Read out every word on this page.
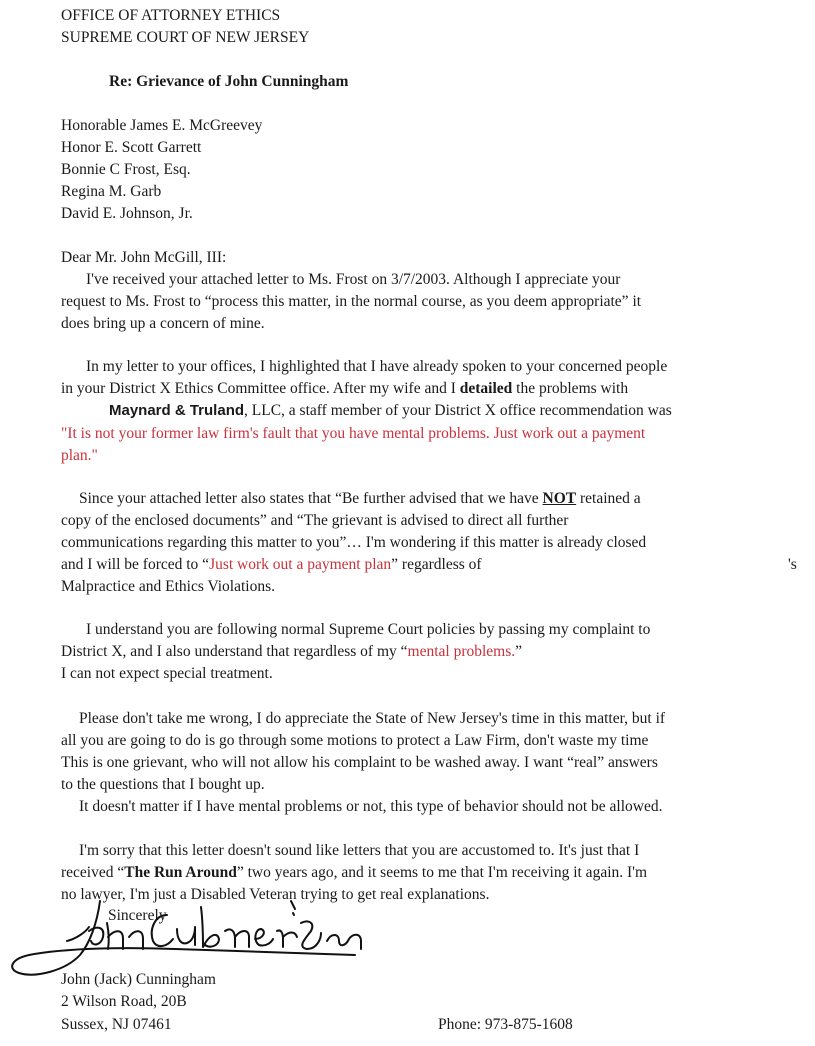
OFFICE OF ATTORNEY ETHICS
SUPREME COURT OF NEW JERSEY
Re: Grievance of John Cunningham
Honorable James E. McGreevey
Honor E. Scott Garrett
Bonnie C Frost, Esq.
Regina M. Garb
David E. Johnson, Jr.
Dear Mr. John McGill, III:
I've received your attached letter to Ms. Frost on 3/7/2003. Although I appreciate your
request to Ms. Frost to “process this matter, in the normal course, as you deem appropriate” it
does bring up a concern of mine.
In my letter to your offices, I highlighted that I have already spoken to your concerned people
in your District X Ethics Committee office. After my wife and I detailed the problems with
Maynard & Truland, LLC, a staff member of your District X office recommendation was
"It is not your former law firm's fault that you have mental problems. Just work out a payment
plan."
Since your attached letter also states that “Be further advised that we have NOT retained a
copy of the enclosed documents” and “The grievant is advised to direct all further
communications regarding this matter to you”… I'm wondering if this matter is already closed
and I will be forced to “Just work out a payment plan” regardless of	's
Malpractice and Ethics Violations.
I understand you are following normal Supreme Court policies by passing my complaint to
District X, and I also understand that regardless of my “mental problems.”
I can not expect special treatment.
Please don't take me wrong, I do appreciate the State of New Jersey's time in this matter, but if
all you are going to do is go through some motions to protect a Law Firm, don't waste my time
This is one grievant, who will not allow his complaint to be washed away. I want “real” answers
to the questions that I bought up.
It doesn't matter if I have mental problems or not, this type of behavior should not be allowed.
I'm sorry that this letter doesn't sound like letters that you are accustomed to. It's just that I
received “The Run Around” two years ago, and it seems to me that I'm receiving it again. I'm
no lawyer, I'm just a Disabled Veteran trying to get real explanations.
Sincerely
John (Jack) Cunningham
2 Wilson Road, 20B
Sussex, NJ 07461	Phone: 973-875-1608
